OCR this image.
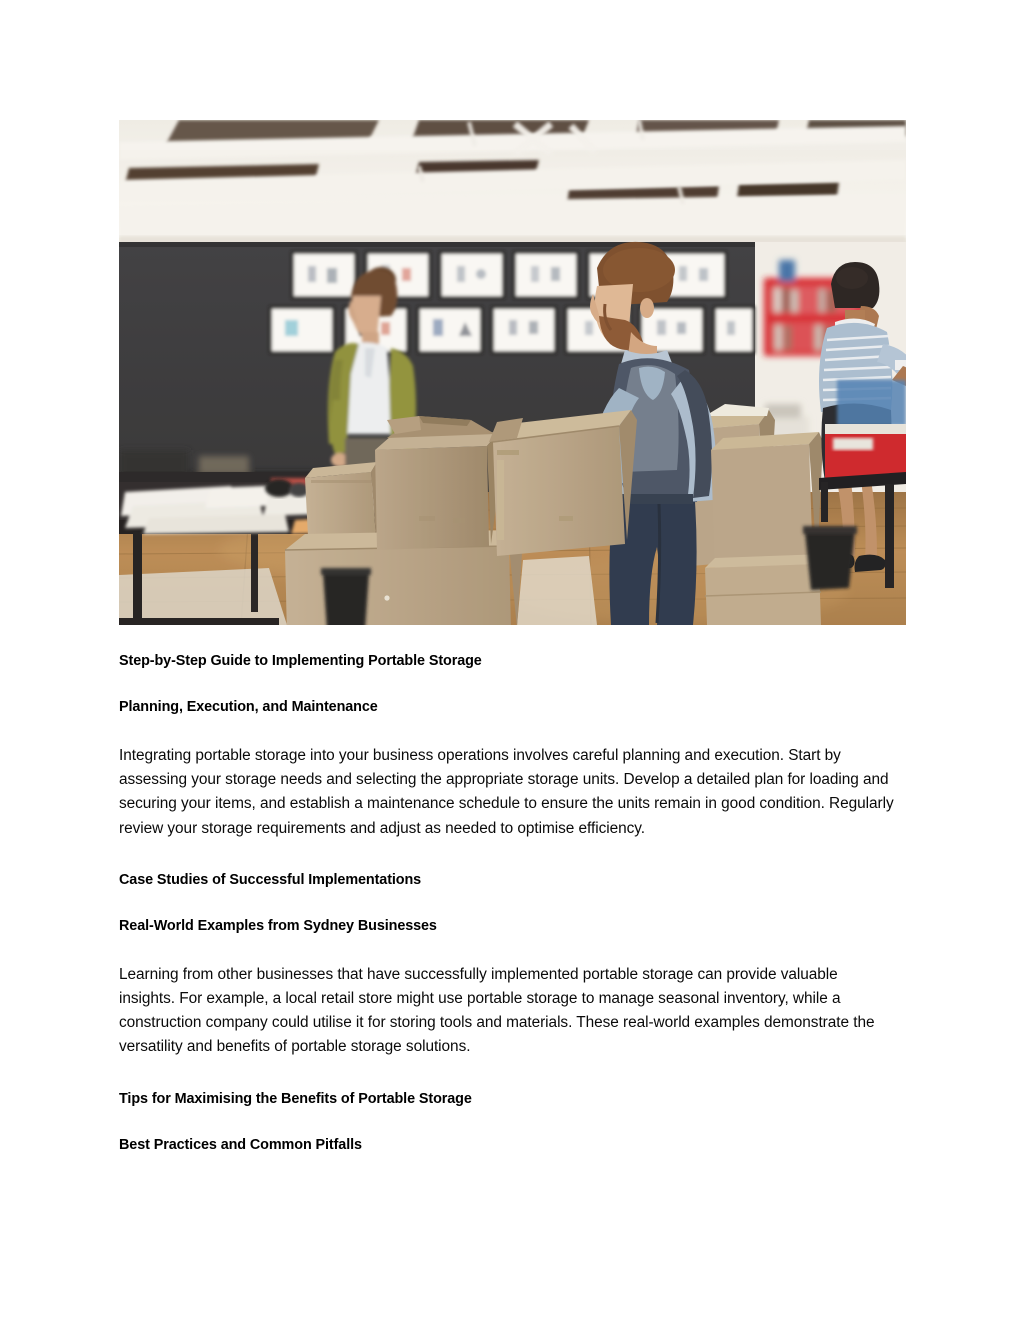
Step-by-Step Guide to Implementing Portable Storage

Planning, Execution, and Maintenance

Integrating portable storage into your business operations involves careful planning and execution. Start by assessing your storage needs and selecting the appropriate storage units. Develop a detailed plan for loading and securing your items, and establish a maintenance schedule to ensure the units remain in good condition. Regularly review your storage requirements and adjust as needed to optimise efficiency.

Case Studies of Successful Implementations

Real-World Examples from Sydney Businesses

Learning from other businesses that have successfully implemented portable storage can provide valuable insights. For example, a local retail store might use portable storage to manage seasonal inventory, while a construction company could utilise it for storing tools and materials. These real-world examples demonstrate the versatility and benefits of portable storage solutions.

Tips for Maximising the Benefits of Portable Storage

Best Practices and Common Pitfalls
